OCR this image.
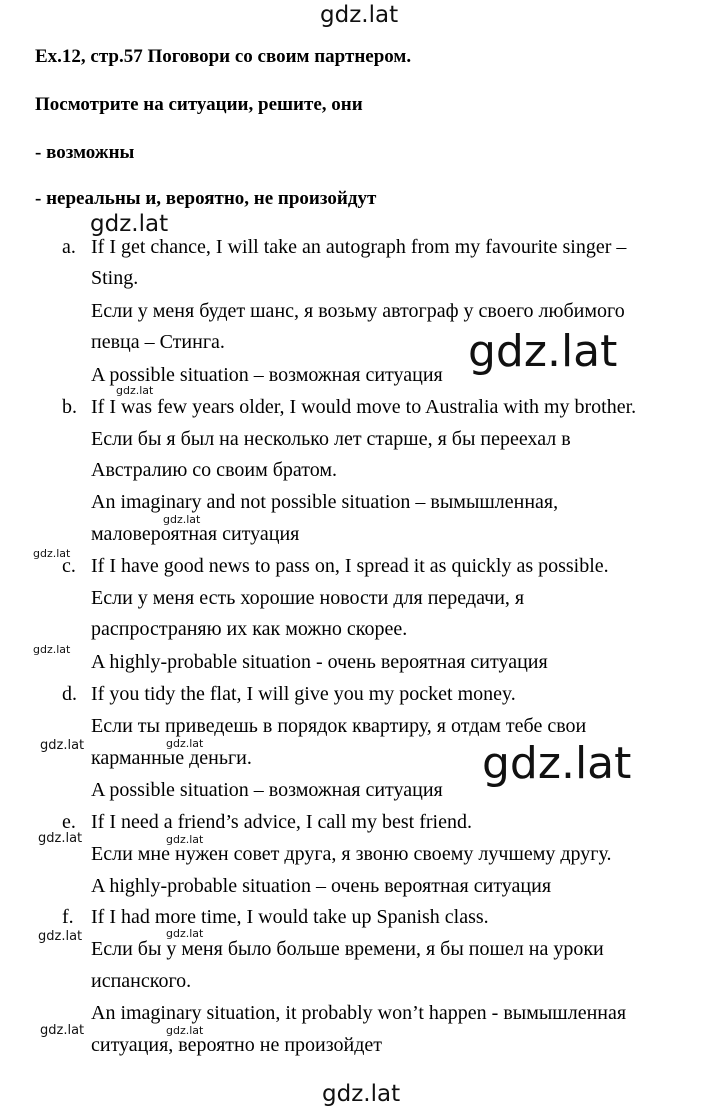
Ex.12, стр.57 Поговори со своим партнером.
Посмотрите на ситуации, решите, они
- возможны
- нереальны и, вероятно, не произойдут
a. If I get chance, I will take an autograph from my favourite singer –
Sting.
Если у меня будет шанс, я возьму автограф у своего любимого
певца – Стинга.
A possible situation – возможная ситуация
b. If I was few years older, I would move to Australia with my brother.
Если бы я был на несколько лет старше, я бы переехал в
Австралию со своим братом.
An imaginary and not possible situation – вымышленная,
маловероятная ситуация
c. If I have good news to pass on, I spread it as quickly as possible.
Если у меня есть хорошие новости для передачи, я
распространяю их как можно скорее.
A highly-probable situation - очень вероятная ситуация
d. If you tidy the flat, I will give you my pocket money.
Если ты приведешь в порядок квартиру, я отдам тебе свои
карманные деньги.
A possible situation – возможная ситуация
e. If I need a friend’s advice, I call my best friend.
Если мне нужен совет друга, я звоню своему лучшему другу.
A highly-probable situation – очень вероятная ситуация
f. If I had more time, I would take up Spanish class.
Если бы у меня было больше времени, я бы пошел на уроки
испанского.
An imaginary situation, it probably won’t happen - вымышленная
ситуация, вероятно не произойдет
gdz.lat
gdz.lat
gdz.lat
gdz.lat
gdz.lat
gdz.lat
gdz.lat
gdz.lat	gdz.lat	gdz.lat
gdz.lat	gdz.lat
gdz.lat	gdz.lat
gdz.lat	gdz.lat
gdz.lat
